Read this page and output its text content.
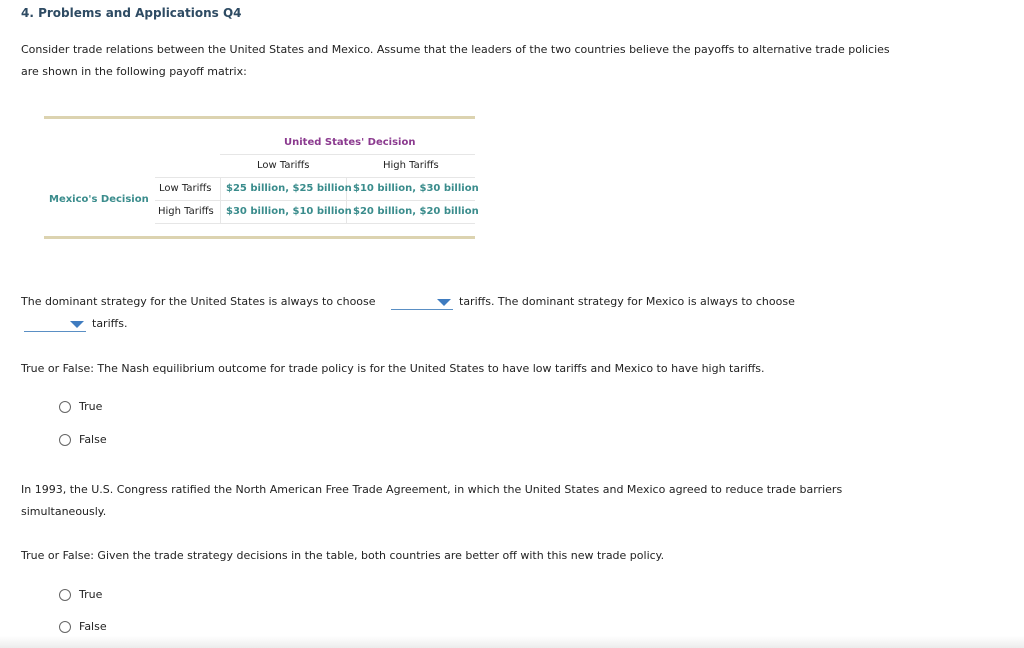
4. Problems and Applications Q4
Consider trade relations between the United States and Mexico. Assume that the leaders of the two countries believe the payoffs to alternative trade policies are shown in the following payoff matrix:
United States' Decision
Low Tariffs	High Tariffs
Mexico's Decision
Low Tariffs
High Tariffs
$25 billion, $25 billion $10 billion, $30 billion
$30 billion, $10 billion $20 billion, $20 billion
The dominant strategy for the United States is always to choose	tariffs. The dominant strategy for Mexico is always to choose
tariffs.
True or False: The Nash equilibrium outcome for trade policy is for the United States to have low tariffs and Mexico to have high tariffs.
True
False
In 1993, the U.S. Congress ratified the North American Free Trade Agreement, in which the United States and Mexico agreed to reduce trade barriers simultaneously.
True or False: Given the trade strategy decisions in the table, both countries are better off with this new trade policy.
True
False
